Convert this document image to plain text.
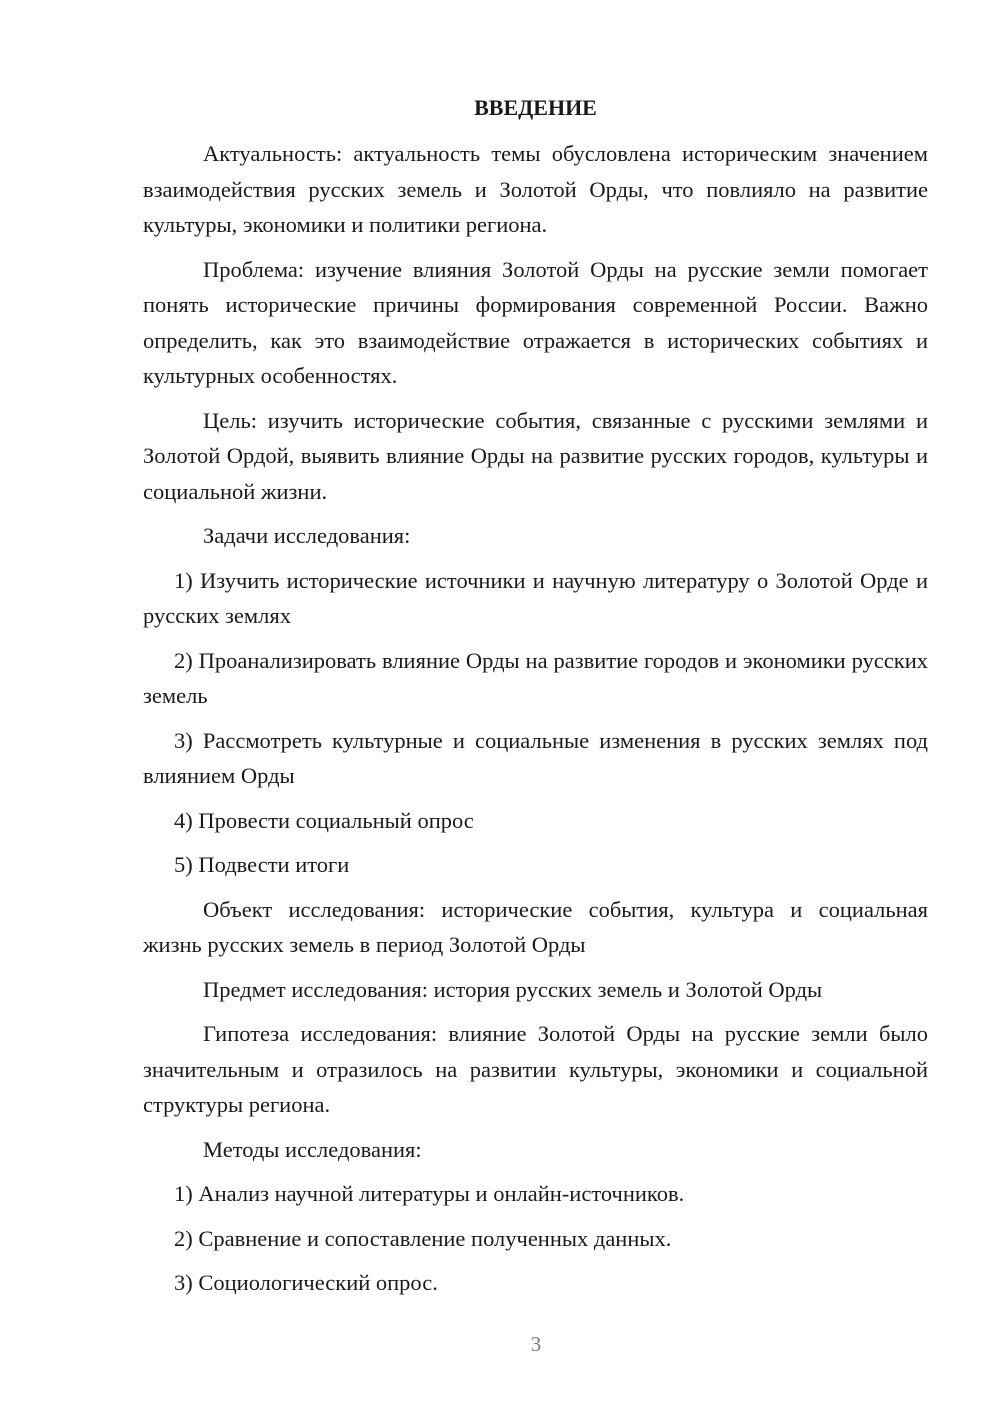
ВВЕДЕНИЕ

Актуальность: актуальность темы обусловлена историческим значением взаимодействия русских земель и Золотой Орды, что повлияло на развитие культуры, экономики и политики региона.

Проблема: изучение влияния Золотой Орды на русские земли помогает понять исторические причины формирования современной России. Важно определить, как это взаимодействие отражается в исторических событиях и культурных особенностях.

Цель: изучить исторические события, связанные с русскими землями и Золотой Ордой, выявить влияние Орды на развитие русских городов, культуры и социальной жизни.

Задачи исследования:

1) Изучить исторические источники и научную литературу о Золотой Орде и русских землях

2) Проанализировать влияние Орды на развитие городов и экономики русских земель

3) Рассмотреть культурные и социальные изменения в русских землях под влиянием Орды

4) Провести социальный опрос

5) Подвести итоги

Объект исследования: исторические события, культура и социальная жизнь русских земель в период Золотой Орды

Предмет исследования: история русских земель и Золотой Орды

Гипотеза исследования: влияние Золотой Орды на русские земли было значительным и отразилось на развитии культуры, экономики и социальной структуры региона.

Методы исследования:

1) Анализ научной литературы и онлайн-источников.

2) Сравнение и сопоставление полученных данных.

3) Социологический опрос.

3
